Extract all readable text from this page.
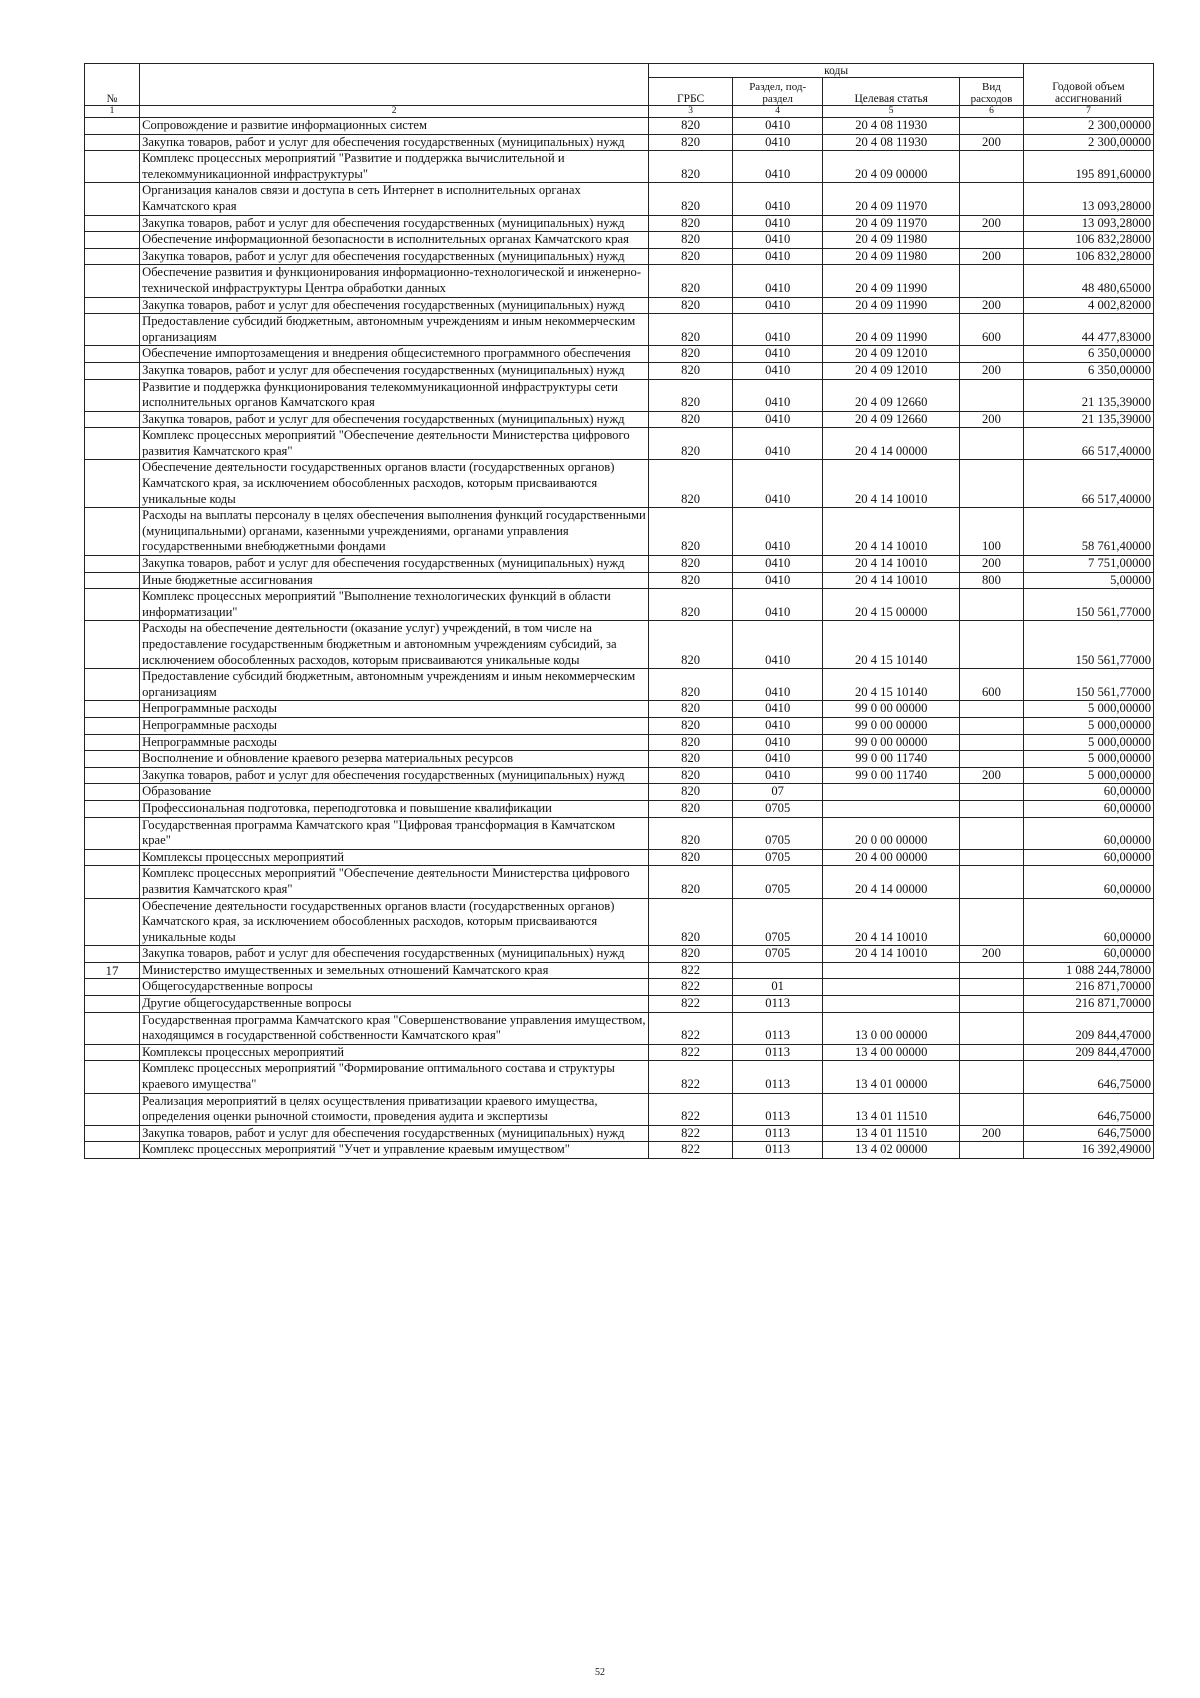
№		коды				Годовой объем ассигнований
		ГРБС	Раздел, под-раздел	Целевая статья	Вид расходов	
1	2	3	4	5	6	7
	Сопровождение и развитие информационных систем	820	0410	20 4 08 11930		2 300,00000
	Закупка товаров, работ и услуг для обеспечения государственных (муниципальных) нужд	820	0410	20 4 08 11930	200	2 300,00000
	Комплекс процессных мероприятий "Развитие и поддержка вычислительной и телекоммуникационной инфраструктуры"	820	0410	20 4 09 00000		195 891,60000
	Организация каналов связи и доступа в сеть Интернет в исполнительных органах Камчатского края	820	0410	20 4 09 11970		13 093,28000
	Закупка товаров, работ и услуг для обеспечения государственных (муниципальных) нужд	820	0410	20 4 09 11970	200	13 093,28000
	Обеспечение информационной безопасности в исполнительных органах Камчатского края	820	0410	20 4 09 11980		106 832,28000
	Закупка товаров, работ и услуг для обеспечения государственных (муниципальных) нужд	820	0410	20 4 09 11980	200	106 832,28000
	Обеспечение развития и функционирования информационно-технологической и инженерно-технической инфраструктуры Центра обработки данных	820	0410	20 4 09 11990		48 480,65000
	Закупка товаров, работ и услуг для обеспечения государственных (муниципальных) нужд	820	0410	20 4 09 11990	200	4 002,82000
	Предоставление субсидий бюджетным, автономным учреждениям и иным некоммерческим организациям	820	0410	20 4 09 11990	600	44 477,83000
	Обеспечение импортозамещения и внедрения общесистемного программного обеспечения	820	0410	20 4 09 12010		6 350,00000
	Закупка товаров, работ и услуг для обеспечения государственных (муниципальных) нужд	820	0410	20 4 09 12010	200	6 350,00000
	Развитие и поддержка функционирования телекоммуникационной инфраструктуры сети исполнительных органов Камчатского края	820	0410	20 4 09 12660		21 135,39000
	Закупка товаров, работ и услуг для обеспечения государственных (муниципальных) нужд	820	0410	20 4 09 12660	200	21 135,39000
	Комплекс процессных мероприятий "Обеспечение деятельности Министерства цифрового развития Камчатского края"	820	0410	20 4 14 00000		66 517,40000
	Обеспечение деятельности государственных органов власти (государственных органов) Камчатского края, за исключением обособленных расходов, которым присваиваются уникальные коды	820	0410	20 4 14 10010		66 517,40000
	Расходы на выплаты персоналу в целях обеспечения выполнения функций государственными (муниципальными) органами, казенными учреждениями, органами управления государственными внебюджетными фондами	820	0410	20 4 14 10010	100	58 761,40000
	Закупка товаров, работ и услуг для обеспечения государственных (муниципальных) нужд	820	0410	20 4 14 10010	200	7 751,00000
	Иные бюджетные ассигнования	820	0410	20 4 14 10010	800	5,00000
	Комплекс процессных мероприятий "Выполнение технологических функций в области информатизации"	820	0410	20 4 15 00000		150 561,77000
	Расходы на обеспечение деятельности (оказание услуг) учреждений, в том числе на предоставление государственным бюджетным и автономным учреждениям субсидий, за исключением обособленных расходов, которым присваиваются уникальные коды	820	0410	20 4 15 10140		150 561,77000
	Предоставление субсидий бюджетным, автономным учреждениям и иным некоммерческим организациям	820	0410	20 4 15 10140	600	150 561,77000
	Непрограммные расходы	820	0410	99 0 00 00000		5 000,00000
	Непрограммные расходы	820	0410	99 0 00 00000		5 000,00000
	Непрограммные расходы	820	0410	99 0 00 00000		5 000,00000
	Восполнение и обновление краевого резерва материальных ресурсов	820	0410	99 0 00 11740		5 000,00000
	Закупка товаров, работ и услуг для обеспечения государственных (муниципальных) нужд	820	0410	99 0 00 11740	200	5 000,00000
	Образование	820	07			60,00000
	Профессиональная подготовка, переподготовка и повышение квалификации	820	0705			60,00000
	Государственная программа Камчатского края "Цифровая трансформация в Камчатском крае"	820	0705	20 0 00 00000		60,00000
	Комплексы процессных мероприятий	820	0705	20 4 00 00000		60,00000
	Комплекс процессных мероприятий "Обеспечение деятельности Министерства цифрового развития Камчатского края"	820	0705	20 4 14 00000		60,00000
	Обеспечение деятельности государственных органов власти (государственных органов) Камчатского края, за исключением обособленных расходов, которым присваиваются уникальные коды	820	0705	20 4 14 10010		60,00000
	Закупка товаров, работ и услуг для обеспечения государственных (муниципальных) нужд	820	0705	20 4 14 10010	200	60,00000
17	Министерство имущественных и земельных отношений Камчатского края	822				1 088 244,78000
	Общегосударственные вопросы	822	01			216 871,70000
	Другие общегосударственные вопросы	822	0113			216 871,70000
	Государственная программа Камчатского края "Совершенствование управления имуществом, находящимся в государственной собственности Камчатского края"	822	0113	13 0 00 00000		209 844,47000
	Комплексы процессных мероприятий	822	0113	13 4 00 00000		209 844,47000
	Комплекс процессных мероприятий "Формирование оптимального состава и структуры краевого имущества"	822	0113	13 4 01 00000		646,75000
	Реализация мероприятий в целях осуществления приватизации краевого имущества, определения оценки рыночной стоимости, проведения аудита и экспертизы	822	0113	13 4 01 11510		646,75000
	Закупка товаров, работ и услуг для обеспечения государственных (муниципальных) нужд	822	0113	13 4 01 11510	200	646,75000
	Комплекс процессных мероприятий "Учет и управление краевым имуществом"	822	0113	13 4 02 00000		16 392,49000
52
